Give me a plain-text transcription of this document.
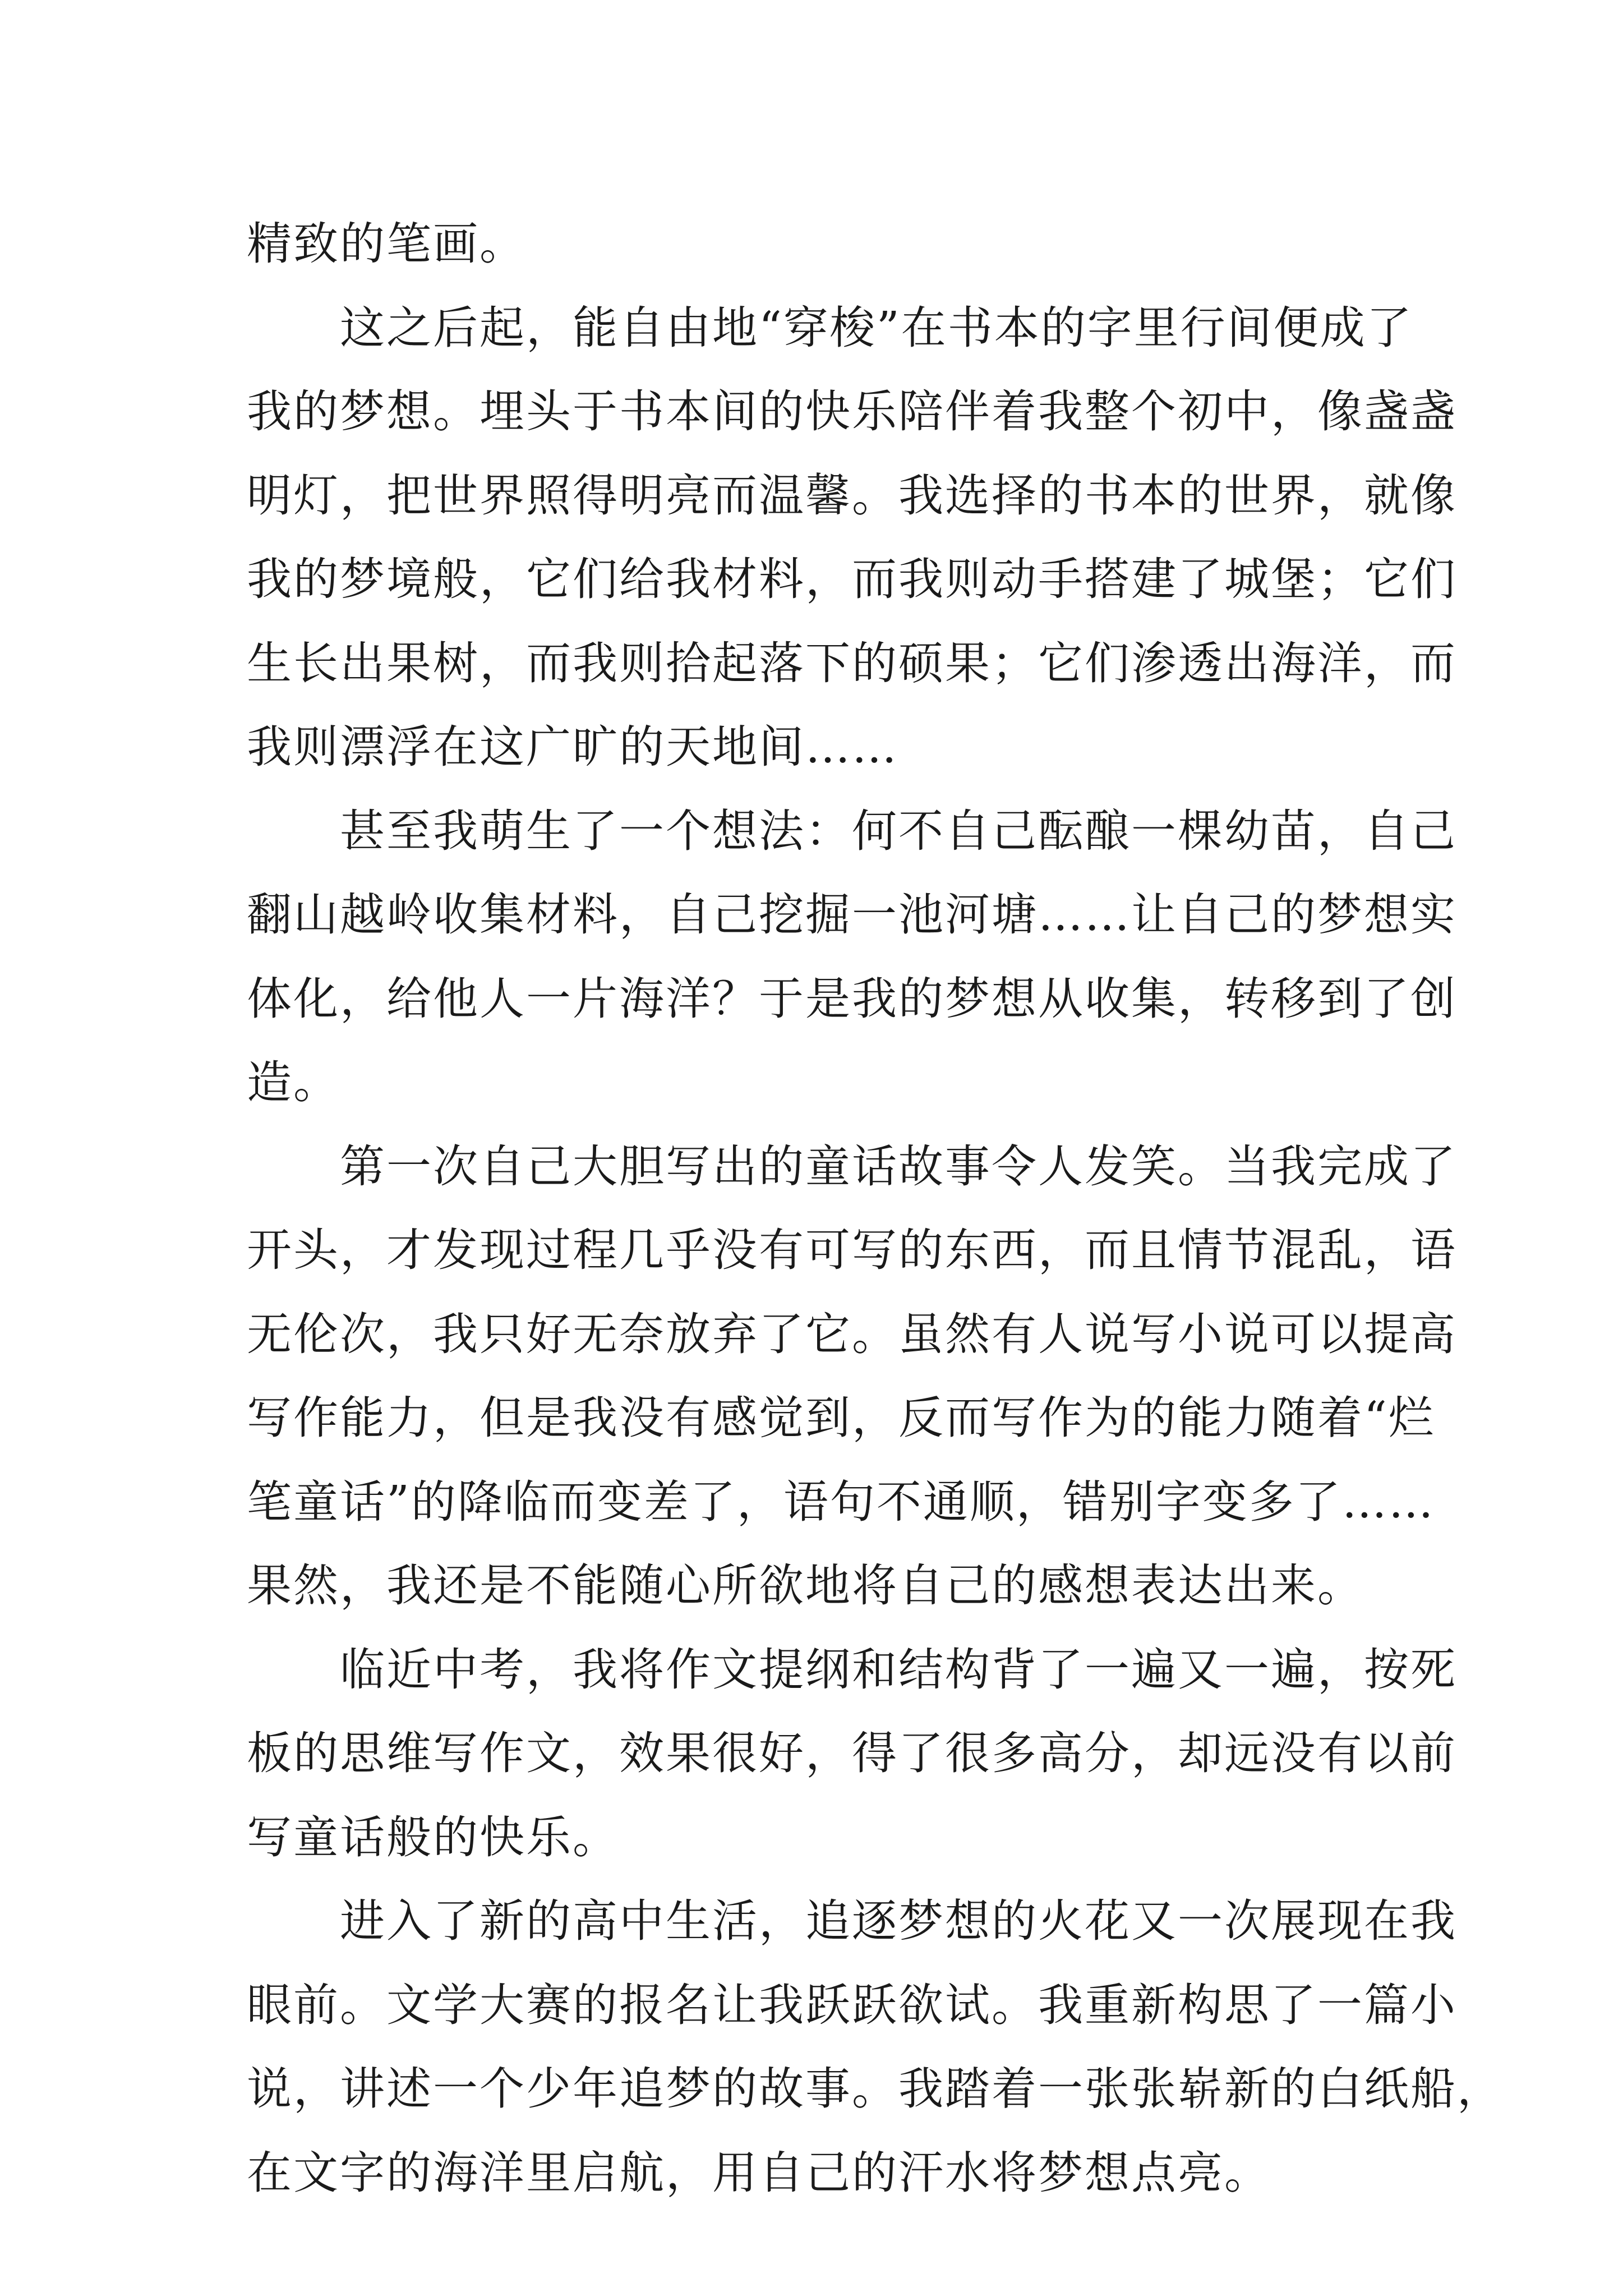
精致的笔画。
这之后起，能自由地“穿梭”在书本的字里行间便成了
我的梦想。埋头于书本间的快乐陪伴着我整个初中，像盏盏
明灯，把世界照得明亮而温馨。我选择的书本的世界，就像
我的梦境般，它们给我材料，而我则动手搭建了城堡；它们
生长出果树，而我则拾起落下的硕果；它们渗透出海洋，而
我则漂浮在这广旷的天地间……
甚至我萌生了一个想法：何不自己酝酿一棵幼苗，自己
翻山越岭收集材料，自己挖掘一池河塘……让自己的梦想实
体化，给他人一片海洋？于是我的梦想从收集，转移到了创
造。
第一次自己大胆写出的童话故事令人发笑。当我完成了
开头，才发现过程几乎没有可写的东西，而且情节混乱，语
无伦次，我只好无奈放弃了它。虽然有人说写小说可以提高
写作能力，但是我没有感觉到，反而写作为的能力随着“烂
笔童话”的降临而变差了，语句不通顺，错别字变多了……
果然，我还是不能随心所欲地将自己的感想表达出来。
临近中考，我将作文提纲和结构背了一遍又一遍，按死
板的思维写作文，效果很好，得了很多高分，却远没有以前
写童话般的快乐。
进入了新的高中生活，追逐梦想的火花又一次展现在我
眼前。文学大赛的报名让我跃跃欲试。我重新构思了一篇小
说，讲述一个少年追梦的故事。我踏着一张张崭新的白纸船，
在文字的海洋里启航，用自己的汗水将梦想点亮。
